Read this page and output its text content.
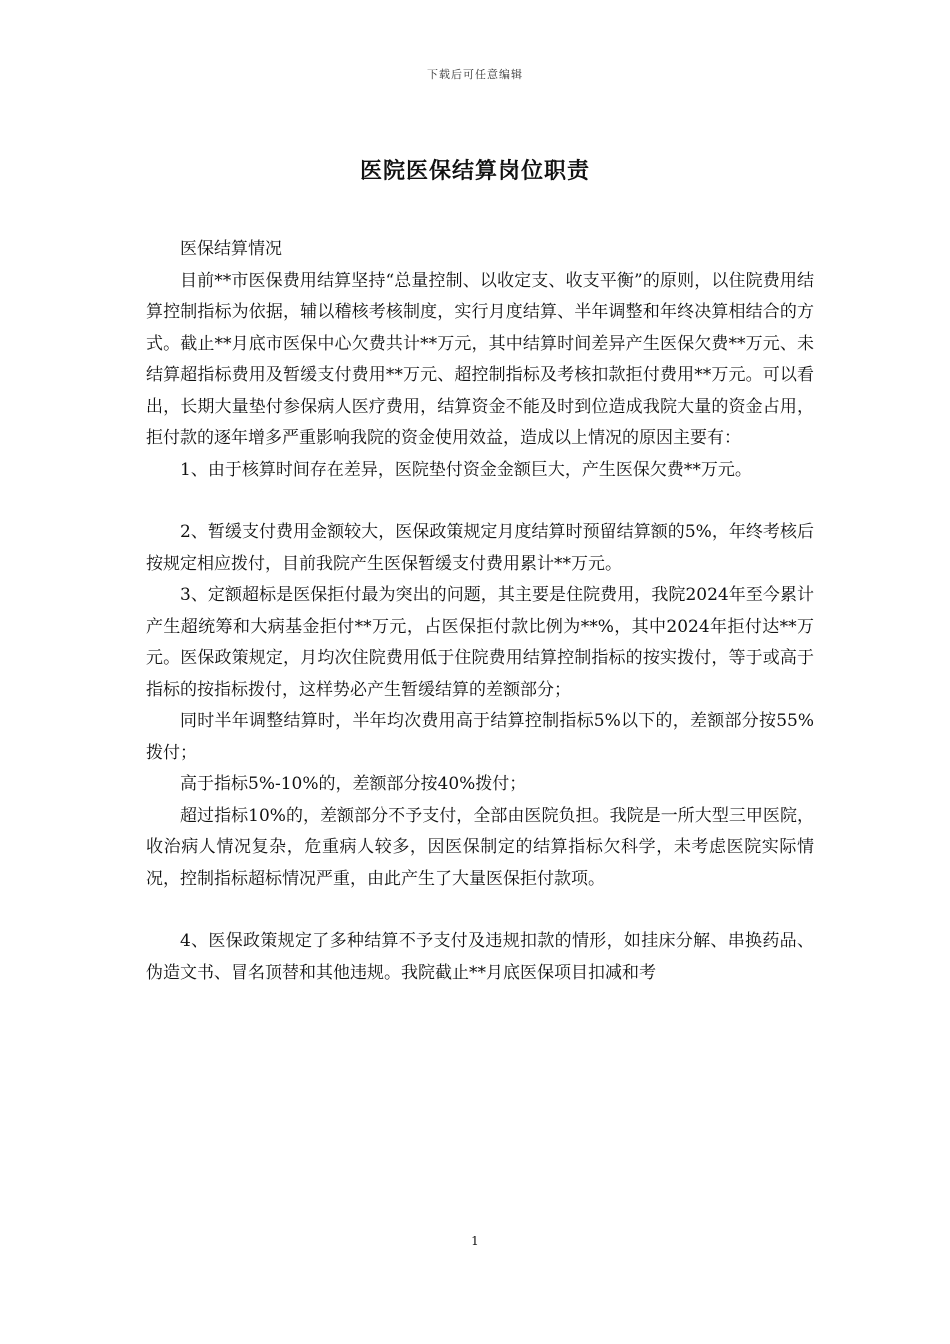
下载后可任意编辑
医院医保结算岗位职责

医保结算情况

目前**市医保费用结算坚持“总量控制、以收定支、收支平衡”的原则，以住院费用结算控制指标为依据，辅以稽核考核制度，实行月度结算、半年调整和年终决算相结合的方式。截止**月底市医保中心欠费共计**万元，其中结算时间差异产生医保欠费**万元、未结算超指标费用及暂缓支付费用**万元、超控制指标及考核扣款拒付费用**万元。可以看出，长期大量垫付参保病人医疗费用，结算资金不能及时到位造成我院大量的资金占用，拒付款的逐年增多严重影响我院的资金使用效益，造成以上情况的原因主要有：

1、由于核算时间存在差异，医院垫付资金金额巨大，产生医保欠费**万元。

2、暂缓支付费用金额较大，医保政策规定月度结算时预留结算额的5%，年终考核后按规定相应拨付，目前我院产生医保暂缓支付费用累计**万元。

3、定额超标是医保拒付最为突出的问题，其主要是住院费用，我院2024年至今累计产生超统筹和大病基金拒付**万元，占医保拒付款比例为**%，其中2024年拒付达**万元。医保政策规定，月均次住院费用低于住院费用结算控制指标的按实拨付，等于或高于指标的按指标拨付，这样势必产生暂缓结算的差额部分；

同时半年调整结算时，半年均次费用高于结算控制指标5%以下的，差额部分按55%拨付；

高于指标5%-10%的，差额部分按40%拨付；

超过指标10%的，差额部分不予支付，全部由医院负担。我院是一所大型三甲医院，收治病人情况复杂，危重病人较多，因医保制定的结算指标欠科学，未考虑医院实际情况，控制指标超标情况严重，由此产生了大量医保拒付款项。

4、医保政策规定了多种结算不予支付及违规扣款的情形，如挂床分解、串换药品、伪造文书、冒名顶替和其他违规。我院截止**月底医保项目扣减和考

1
